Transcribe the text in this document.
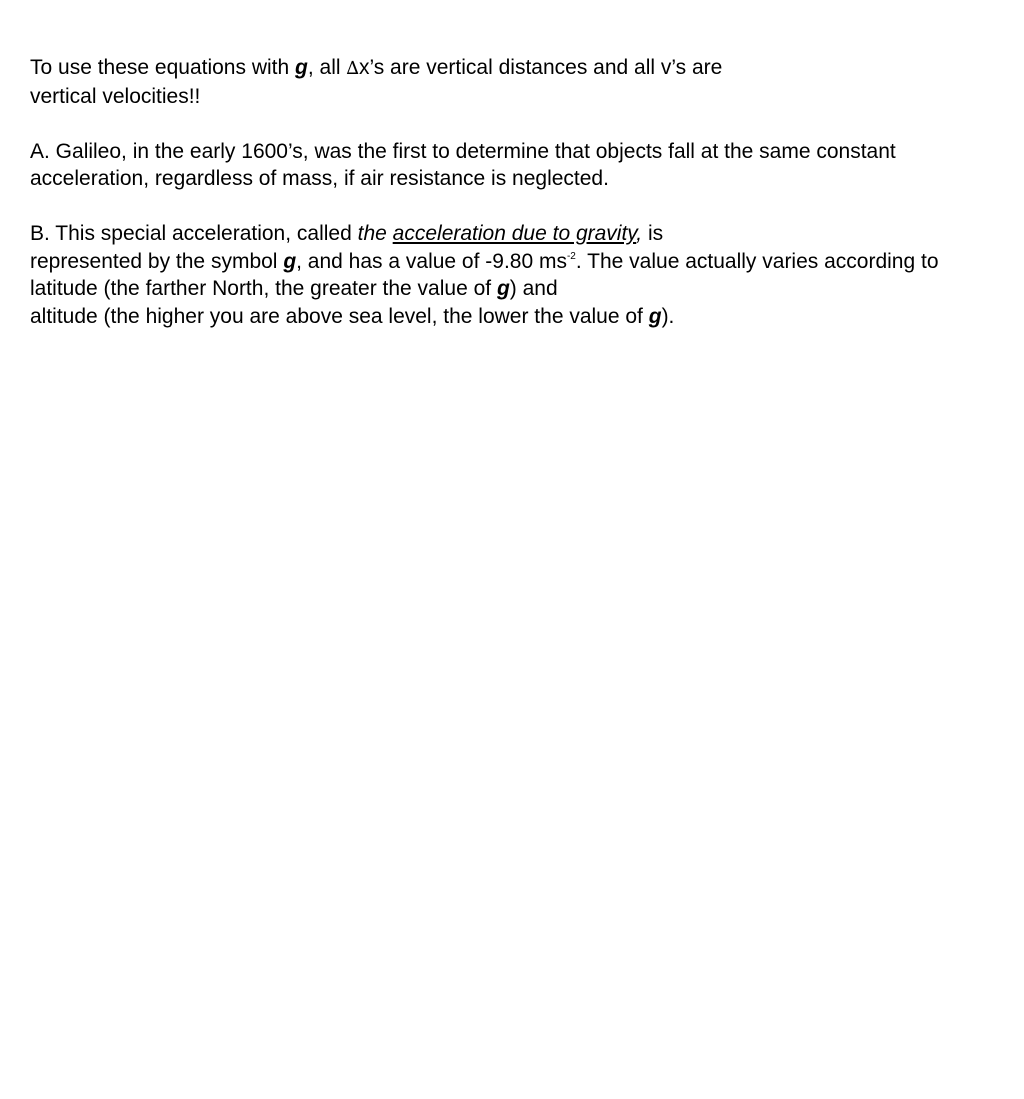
To use these equations with g, all ∆x’s are vertical distances and all v’s are
vertical velocities!!

A. Galileo, in the early 1600’s, was the first to determine that objects fall at the same constant
acceleration, regardless of mass, if air resistance is neglected.

B. This special acceleration, called the acceleration due to gravity, is
represented by the symbol g, and has a value of -9.80 $ms^{-2}$. The value actually varies according to
latitude (the farther North, the greater the value of g) and
altitude (the higher you are above sea level, the lower the value of g).
